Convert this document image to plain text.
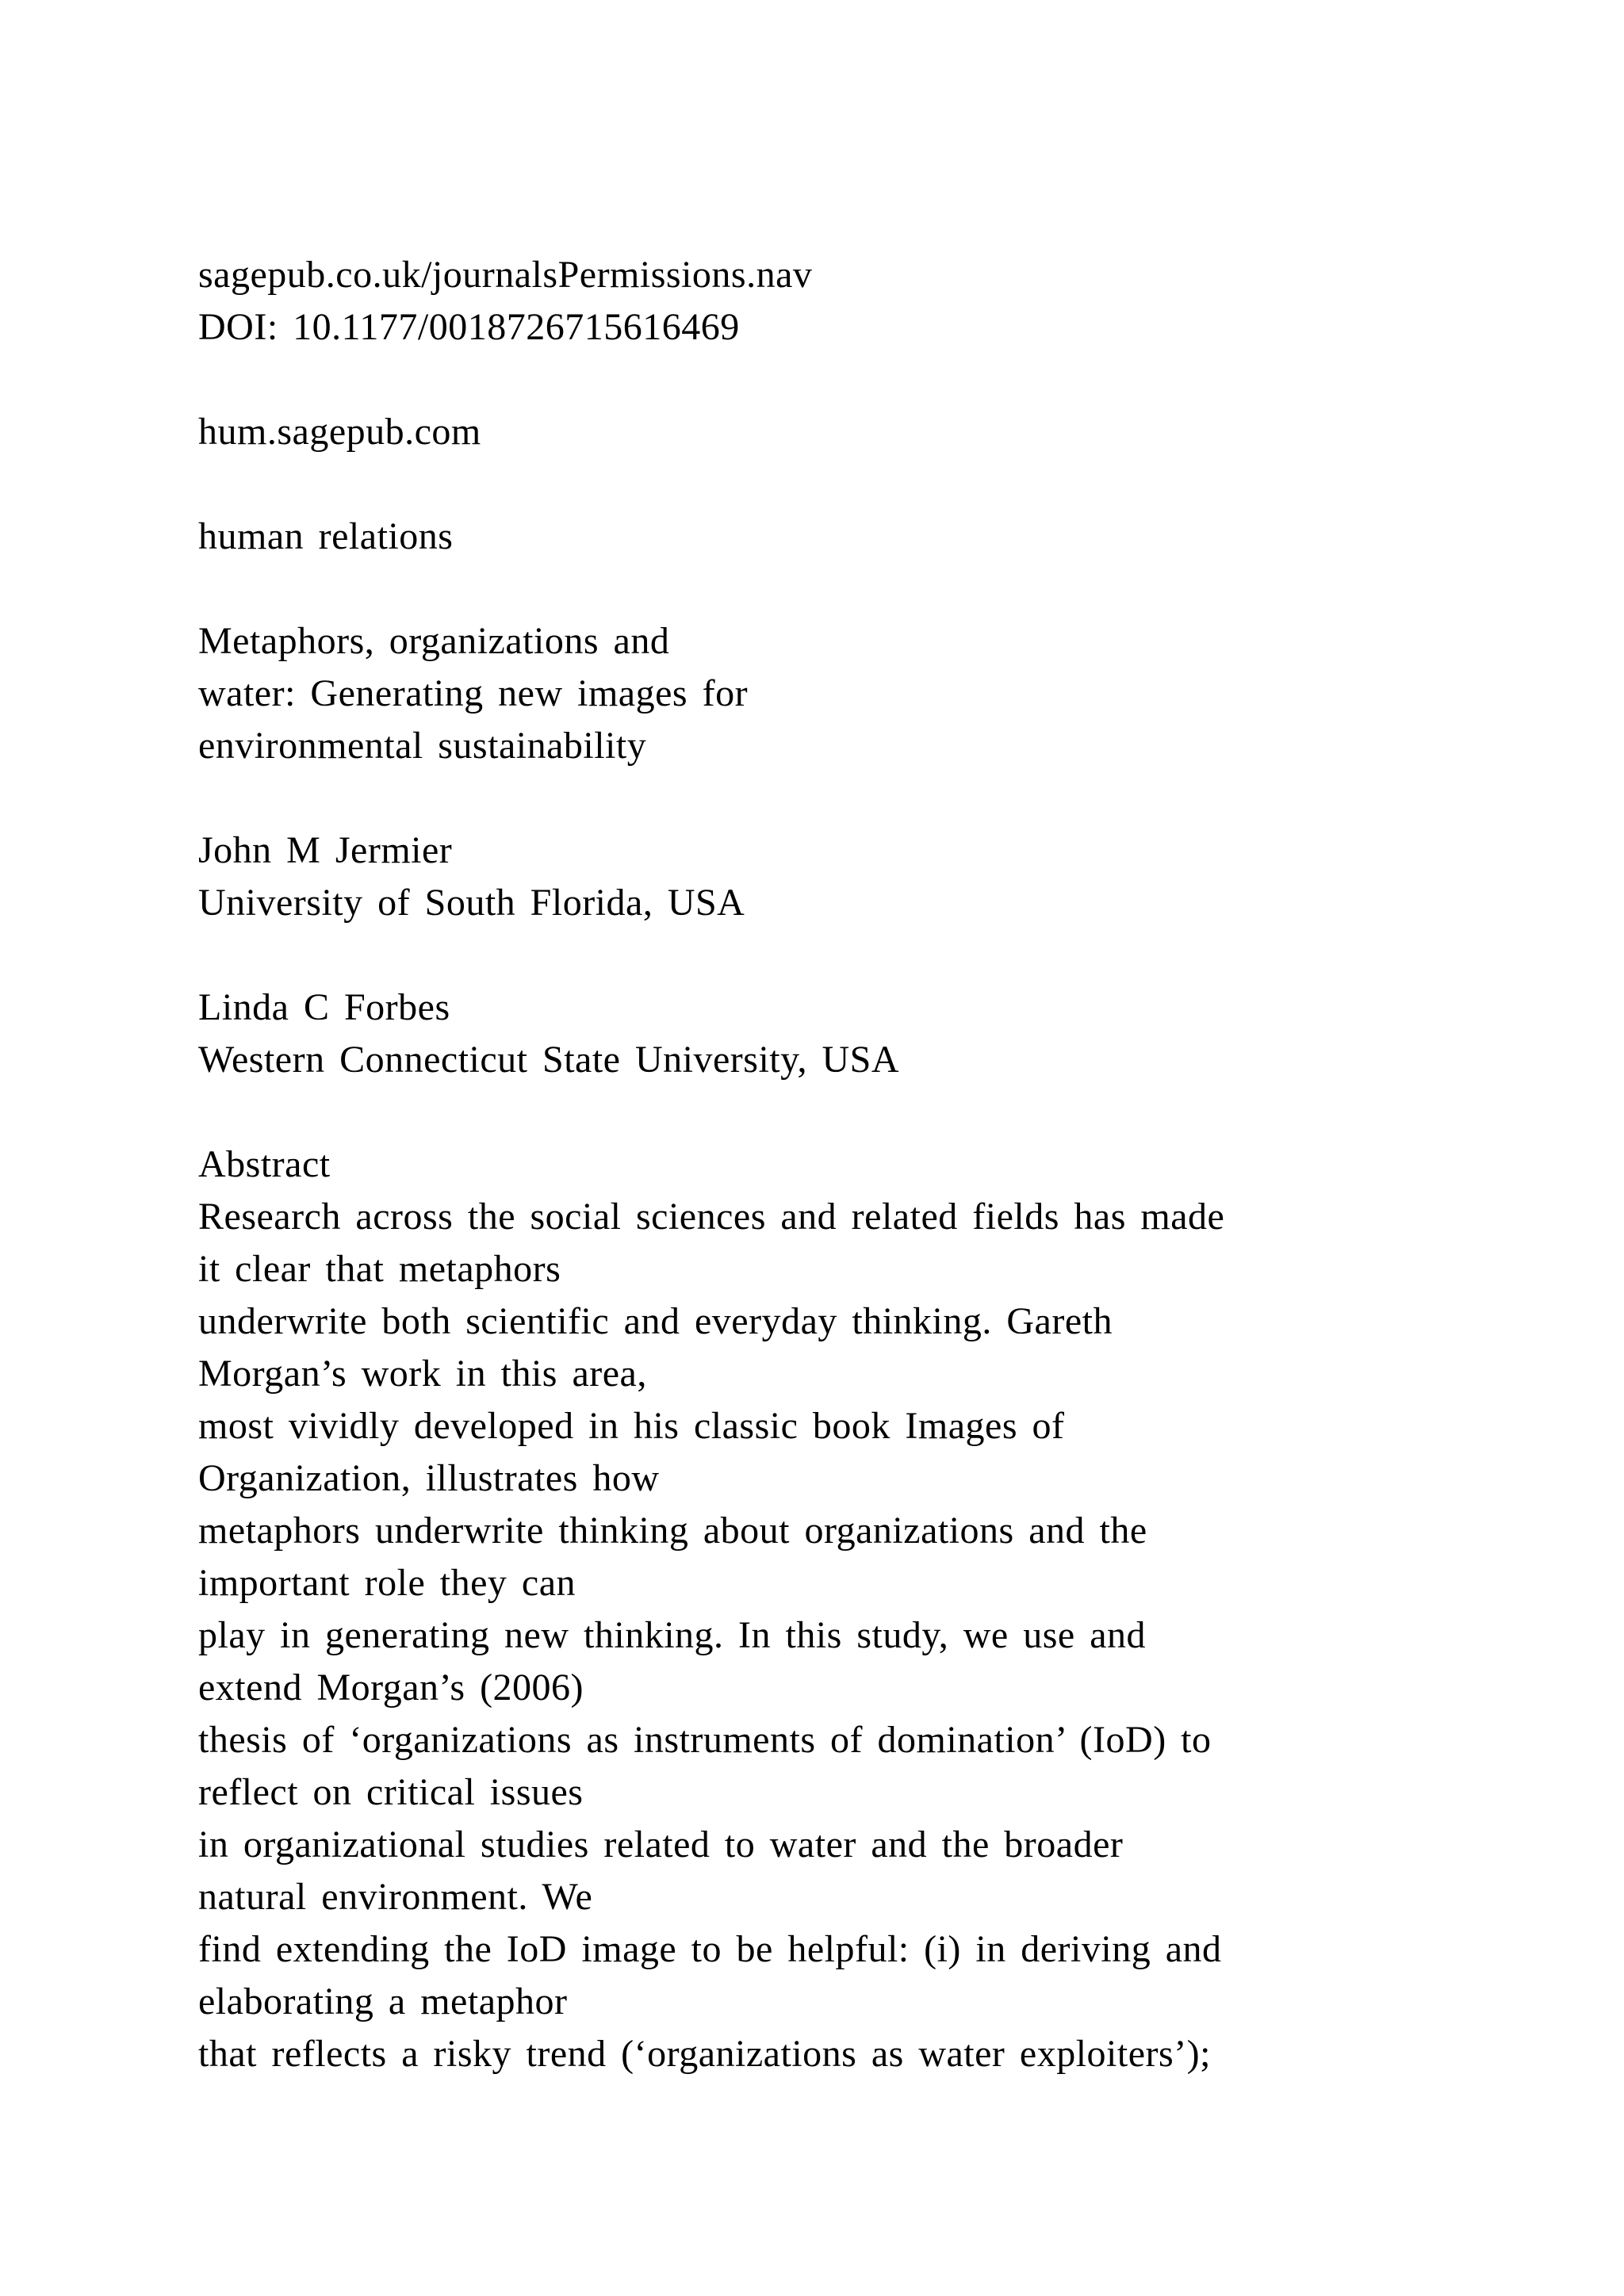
sagepub.co.uk/journalsPermissions.nav
DOI: 10.1177/0018726715616469
hum.sagepub.com
human relations
Metaphors, organizations and
water: Generating new images for
environmental sustainability
John M Jermier
University of South Florida, USA
Linda C Forbes
Western Connecticut State University, USA
Abstract
Research across the social sciences and related fields has made
it clear that metaphors
underwrite both scientific and everyday thinking. Gareth
Morgan’s work in this area,
most vividly developed in his classic book Images of
Organization, illustrates how
metaphors underwrite thinking about organizations and the
important role they can
play in generating new thinking. In this study, we use and
extend Morgan’s (2006)
thesis of ‘organizations as instruments of domination’ (IoD) to
reflect on critical issues
in organizational studies related to water and the broader
natural environment. We
find extending the IoD image to be helpful: (i) in deriving and
elaborating a metaphor
that reflects a risky trend (‘organizations as water exploiters’);
